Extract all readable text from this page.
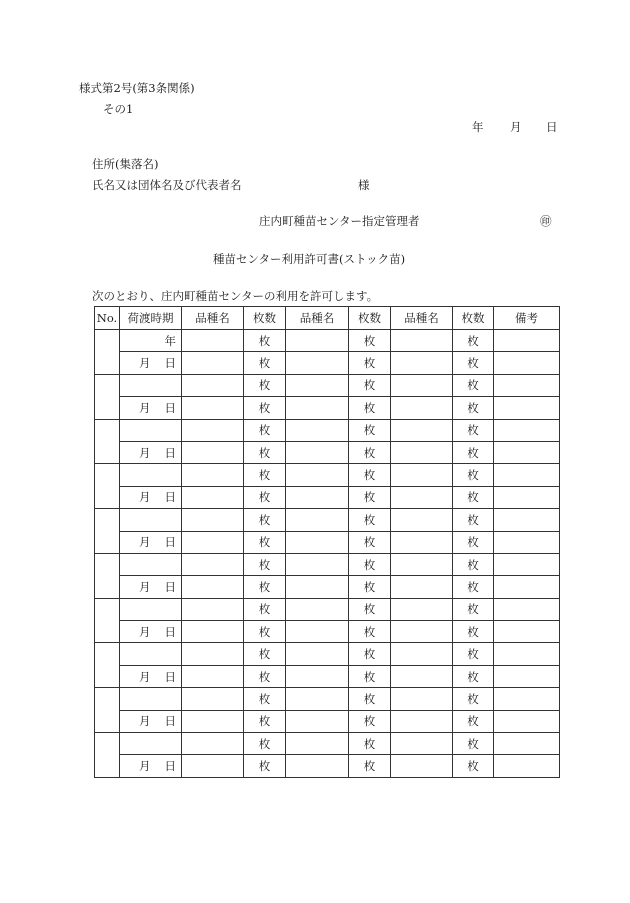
様式第2号(第3条関係)
その1
年 月 日
住所(集落名)
氏名又は団体名及び代表者名	様
庄内町種苗センター指定管理者	㊞
種苗センター利用許可書(ストック苗)
次のとおり、庄内町種苗センターの利用を許可します。
No.	荷渡時期	品種名	枚数	品種名	枚数	品種名	枚数	備考
	年		枚		枚		枚	
	月 日		枚		枚		枚	
			枚		枚		枚	
	月 日		枚		枚		枚	
			枚		枚		枚	
	月 日		枚		枚		枚	
			枚		枚		枚	
	月 日		枚		枚		枚	
			枚		枚		枚	
	月 日		枚		枚		枚	
			枚		枚		枚	
	月 日		枚		枚		枚	
			枚		枚		枚	
	月 日		枚		枚		枚	
			枚		枚		枚	
	月 日		枚		枚		枚	
			枚		枚		枚	
	月 日		枚		枚		枚	
			枚		枚		枚	
	月 日		枚		枚		枚	
